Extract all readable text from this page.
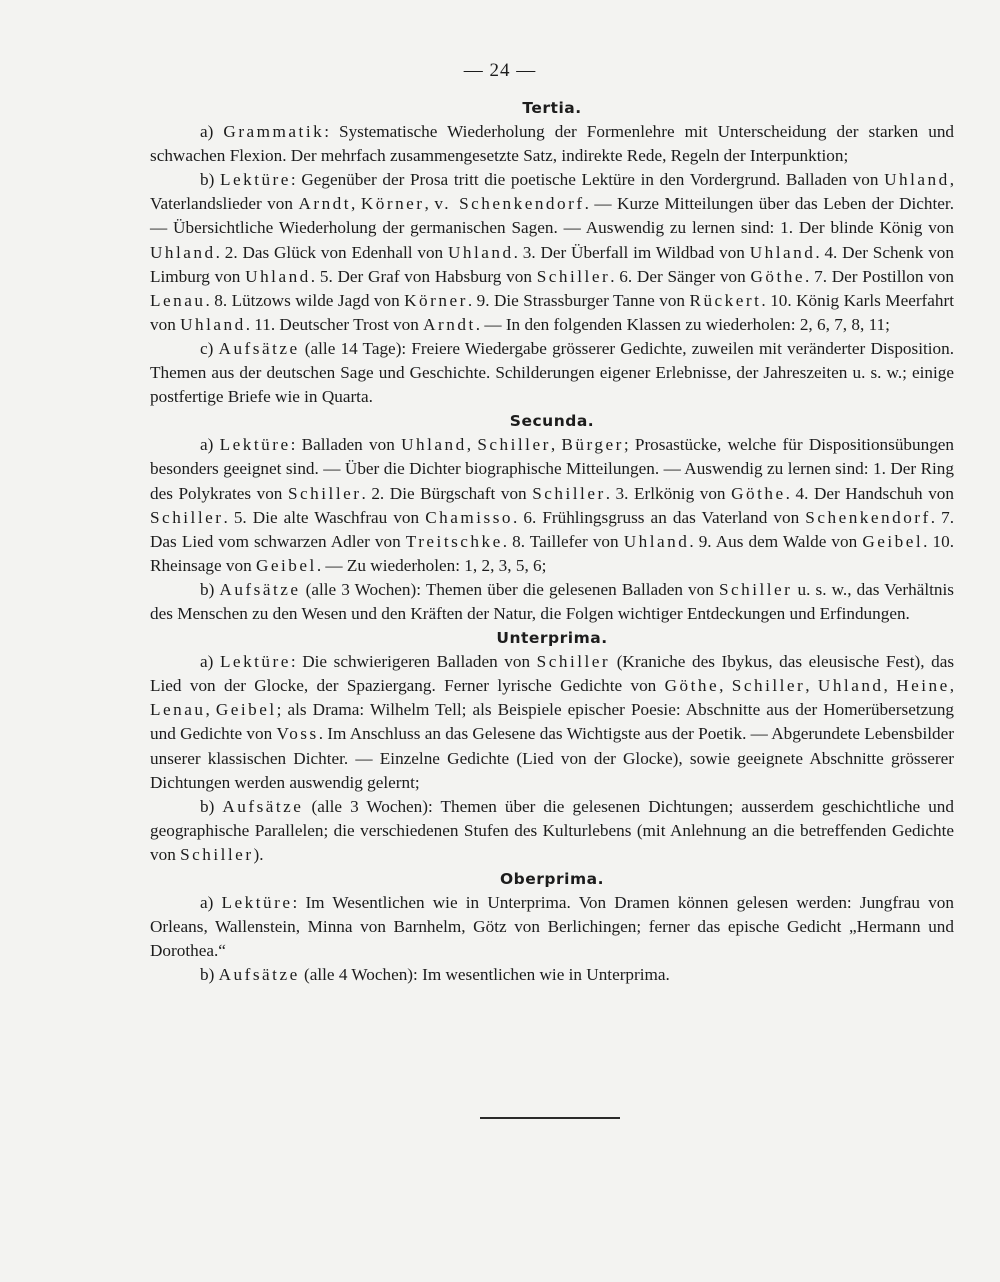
— 24 —
Tertia.

a) Grammatik: Systematische Wiederholung der Formenlehre mit Unterscheidung der starken und schwachen Flexion. Der mehrfach zusammengesetzte Satz, indirekte Rede, Regeln der Interpunktion;

b) Lektüre: Gegenüber der Prosa tritt die poetische Lektüre in den Vordergrund. Balladen von Uhland, Vaterlandslieder von Arndt, Körner, v. Schenkendorf. — Kurze Mitteilungen über das Leben der Dichter. — Übersichtliche Wiederholung der germanischen Sagen. — Auswendig zu lernen sind: 1. Der blinde König von Uhland. 2. Das Glück von Edenhall von Uhland. 3. Der Überfall im Wildbad von Uhland. 4. Der Schenk von Limburg von Uhland. 5. Der Graf von Habsburg von Schiller. 6. Der Sänger von Göthe. 7. Der Postillon von Lenau. 8. Lützows wilde Jagd von Körner. 9. Die Strassburger Tanne von Rückert. 10. König Karls Meerfahrt von Uhland. 11. Deutscher Trost von Arndt. — In den folgenden Klassen zu wiederholen: 2, 6, 7, 8, 11;

c) Aufsätze (alle 14 Tage): Freiere Wiedergabe grösserer Gedichte, zuweilen mit veränderter Disposition. Themen aus der deutschen Sage und Geschichte. Schilderungen eigener Erlebnisse, der Jahreszeiten u. s. w.; einige postfertige Briefe wie in Quarta.

Secunda.

a) Lektüre: Balladen von Uhland, Schiller, Bürger; Prosastücke, welche für Dispositionsübungen besonders geeignet sind. — Über die Dichter biographische Mitteilungen. — Auswendig zu lernen sind: 1. Der Ring des Polykrates von Schiller. 2. Die Bürgschaft von Schiller. 3. Erlkönig von Göthe. 4. Der Handschuh von Schiller. 5. Die alte Waschfrau von Chamisso. 6. Frühlingsgruss an das Vaterland von Schenkendorf. 7. Das Lied vom schwarzen Adler von Treitschke. 8. Taillefer von Uhland. 9. Aus dem Walde von Geibel. 10. Rheinsage von Geibel. — Zu wiederholen: 1, 2, 3, 5, 6;

b) Aufsätze (alle 3 Wochen): Themen über die gelesenen Balladen von Schiller u. s. w., das Verhältnis des Menschen zu den Wesen und den Kräften der Natur, die Folgen wichtiger Entdeckungen und Erfindungen.

Unterprima.

a) Lektüre: Die schwierigeren Balladen von Schiller (Kraniche des Ibykus, das eleusische Fest), das Lied von der Glocke, der Spaziergang. Ferner lyrische Gedichte von Göthe, Schiller, Uhland, Heine, Lenau, Geibel; als Drama: Wilhelm Tell; als Beispiele epischer Poesie: Abschnitte aus der Homerübersetzung und Gedichte von Voss. Im Anschluss an das Gelesene das Wichtigste aus der Poetik. — Abgerundete Lebensbilder unserer klassischen Dichter. — Einzelne Gedichte (Lied von der Glocke), sowie geeignete Abschnitte grösserer Dichtungen werden auswendig gelernt;

b) Aufsätze (alle 3 Wochen): Themen über die gelesenen Dichtungen; ausserdem geschichtliche und geographische Parallelen; die verschiedenen Stufen des Kulturlebens (mit Anlehnung an die betreffenden Gedichte von Schiller).

Oberprima.

a) Lektüre: Im Wesentlichen wie in Unterprima. Von Dramen können gelesen werden: Jungfrau von Orleans, Wallenstein, Minna von Barnhelm, Götz von Berlichingen; ferner das epische Gedicht „Hermann und Dorothea.“

b) Aufsätze (alle 4 Wochen): Im wesentlichen wie in Unterprima.
